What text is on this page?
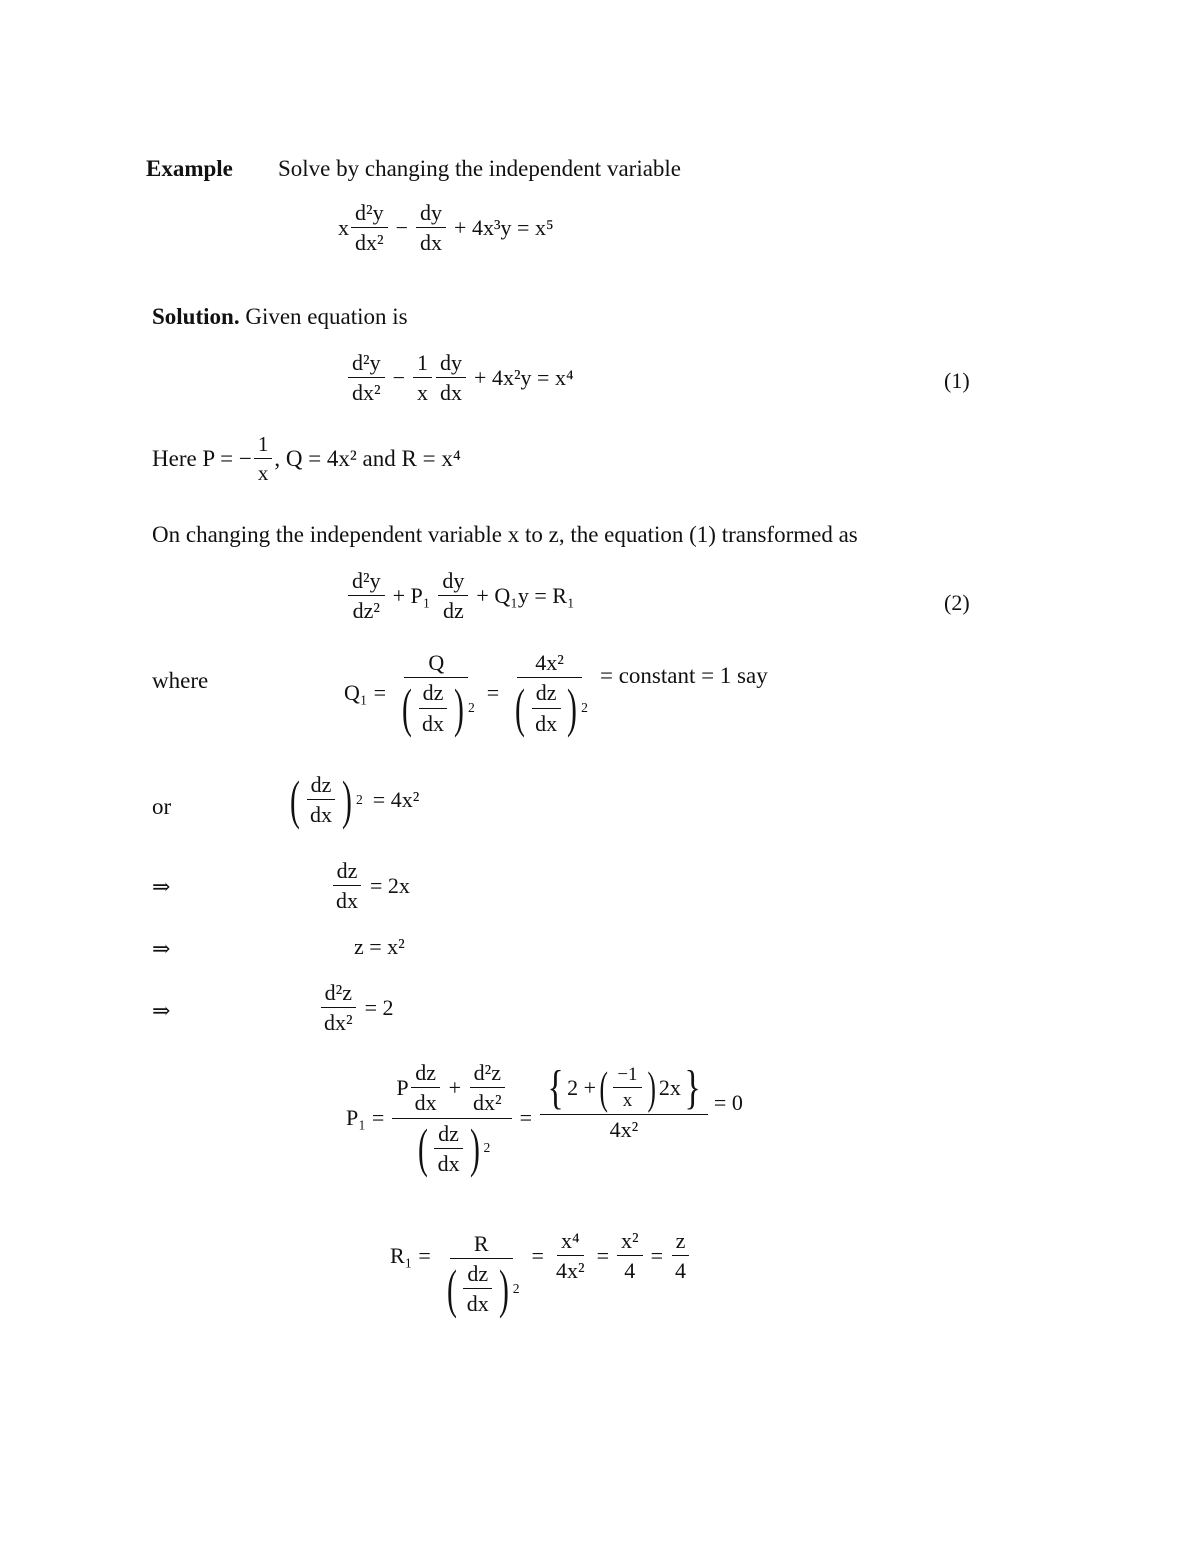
Example Solve by changing the independent variable
x $\frac{\text{d²y}}{\text{dx²}} - \frac{dy}{dx} + 4x^3y = x^5$
Solution. Given equation is
$\frac{\text{d²y}}{\text{dx²}} - \frac{1}{x} \frac{dy}{dx} + 4x^2y = x^4$	(1)
Here P = − $\frac{1}{x}$ , Q = 4x² and R = x⁴
On changing the independent variable x to z, the equation (1) transformed as
$\frac{\text{d²y}}{\text{dz²}} + P_1 \frac{dy}{dz} + Q_1y = R_1$	(2)
where	$Q_1 = \frac{Q}{( \frac{dz}{dx} ) 2} = \frac{\text{4x²}}{( \frac{dz}{dx} ) 2}$ = constant = 1 say
or ( $\frac{dz}{dx}$ ) 2 = 4x²
⇒	$\frac{dz}{dx} = 2x$
⇒	z = x²
⇒	$\frac{\text{d²z}}{\text{dx²}} = 2$
$P_1 = \frac{P \frac{dz}{dx} + \frac{\text{d²z}}{\text{dx²}}}{( \frac{dz}{dx} ) 2} = \frac{\{ 2 + ( \frac{-1}{x} ) 2x \}}{\text{4x²}} = 0$
$R_1 = \frac{R}{( \frac{dz}{dx} ) 2} = \frac{\text{x⁴}}{\text{4x²}} = \frac{\text{x²}}{4} = \frac{z}{4}$
